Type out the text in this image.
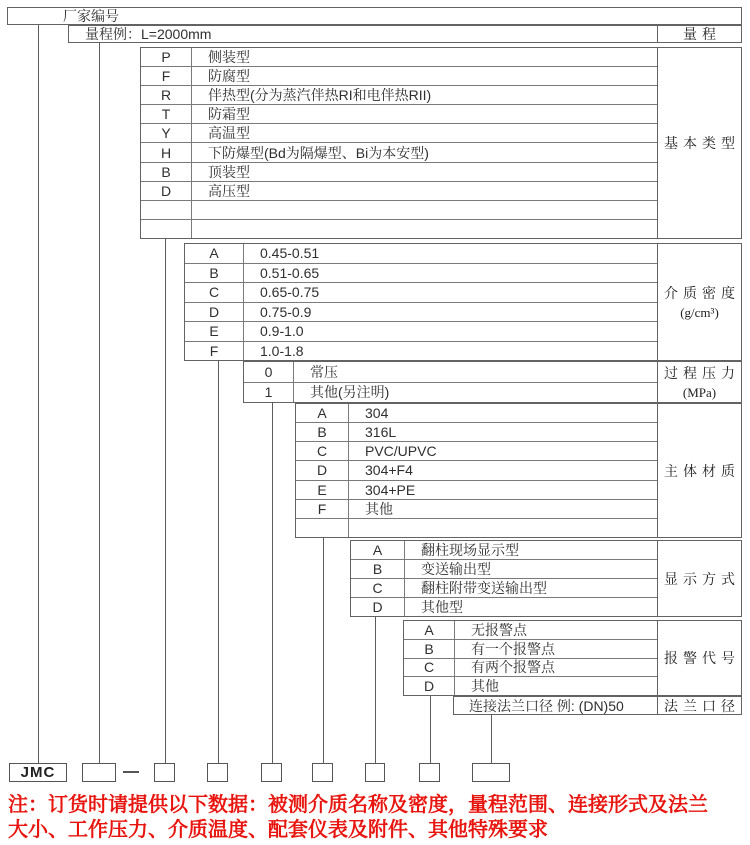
厂家编号
量程例：L=2000mm	量程
P	侧装型
F	防腐型
R	伴热型(分为蒸汽伴热RI和电伴热RII)
T	防霜型
Y	高温型
H	下防爆型(Bd为隔爆型、Bi为本安型)
B	顶装型
D	高压型
基本类型
A	0.45-0.51
B	0.51-0.65
C	0.65-0.75
D	0.75-0.9
E	0.9-1.0
F	1.0-1.8
介质密度
(g/cm³)
0	常压
1	其他(另注明)
过程压力
(MPa)
A	304
B	316L
C	PVC/UPVC
D	304+F4
E	304+PE
F	其他
主体材质
A	翻柱现场显示型
B	变送输出型
C	翻柱附带变送输出型
D	其他型
显示方式
A	无报警点
B	有一个报警点
C	有两个报警点
D	其他
报警代号
连接法兰口径 例: (DN)50	法兰口径
JMC
注：订货时请提供以下数据：被测介质名称及密度，量程范围、连接形式及法兰
大小、工作压力、介质温度、配套仪表及附件、其他特殊要求
